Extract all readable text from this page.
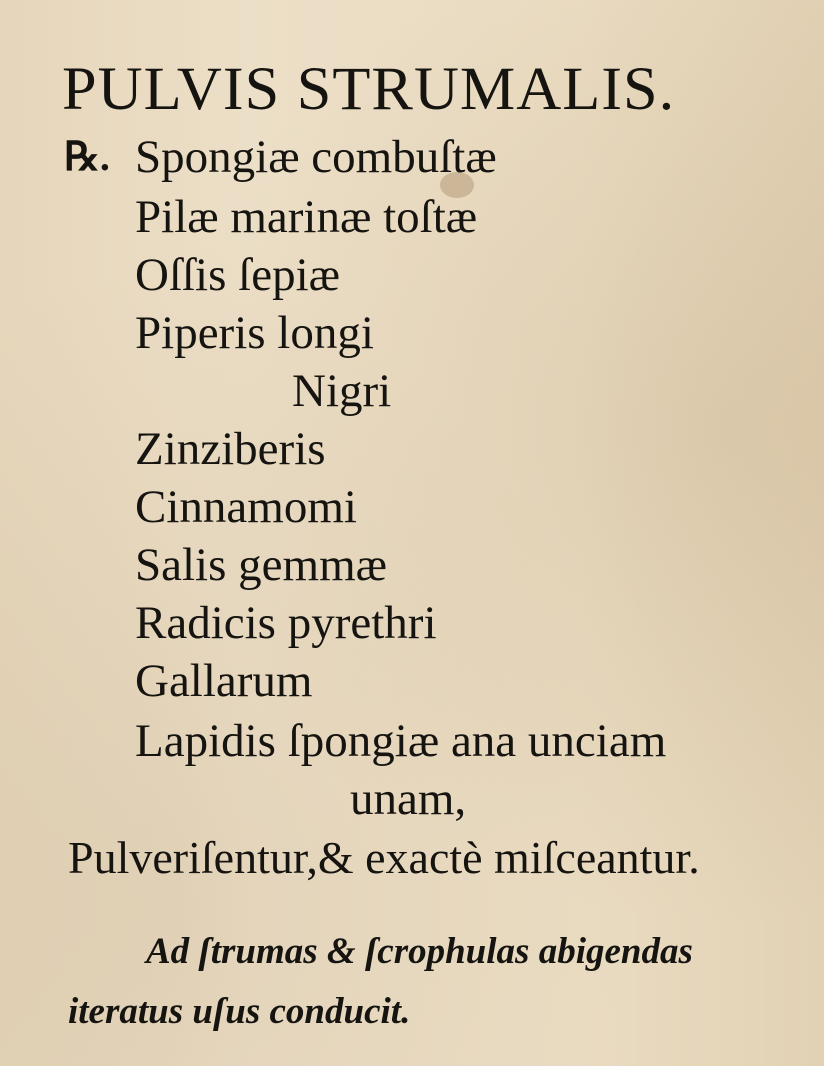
PULVIS STRUMALIS.
℞. Spongiæ combuſtæ
Pilæ marinæ toſtæ
Oſſis ſepiæ
Piperis longi
Nigri
Zinziberis
Cinnamomi
Salis gemmæ
Radicis pyrethri
Gallarum
Lapidis ſpongiæ ana unciam
unam,
Pulveriſentur,& exactè miſceantur.
Ad ſtrumas & ſcrophulas abigendas
iteratus uſus conducit.
